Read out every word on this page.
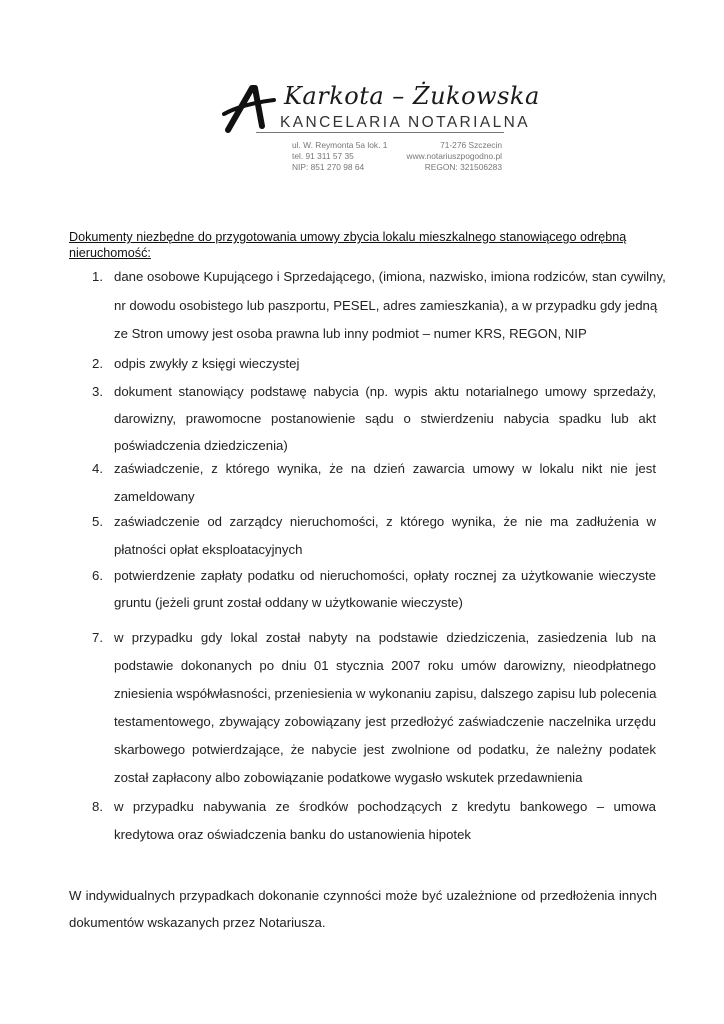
Karkota – Żukowska
KANCELARIA NOTARIALNA
ul. W. Reymonta 5a lok. 1	71-276 Szczecin
tel. 91 311 57 35	www.notariuszpogodno.pl
NIP: 851 270 98 64	REGON: 321506283
Dokumenty niezbędne do przygotowania umowy zbycia lokalu mieszkalnego stanowiącego odrębną
nieruchomość:
1. dane osobowe Kupującego i Sprzedającego, (imiona, nazwisko, imiona rodziców, stan cywilny,
nr dowodu osobistego lub paszportu, PESEL, adres zamieszkania), a w przypadku gdy jedną
ze Stron umowy jest osoba prawna lub inny podmiot – numer KRS, REGON, NIP
2. odpis zwykły z księgi wieczystej
3. dokument stanowiący podstawę nabycia (np. wypis aktu notarialnego umowy sprzedaży,
darowizny, prawomocne postanowienie sądu o stwierdzeniu nabycia spadku lub akt
poświadczenia dziedziczenia)
4. zaświadczenie, z którego wynika, że na dzień zawarcia umowy w lokalu nikt nie jest
zameldowany
5. zaświadczenie od zarządcy nieruchomości, z którego wynika, że nie ma zadłużenia w
płatności opłat eksploatacyjnych
6. potwierdzenie zapłaty podatku od nieruchomości, opłaty rocznej za użytkowanie wieczyste
gruntu (jeżeli grunt został oddany w użytkowanie wieczyste)
7. w przypadku gdy lokal został nabyty na podstawie dziedziczenia, zasiedzenia lub na
podstawie dokonanych po dniu 01 stycznia 2007 roku umów darowizny, nieodpłatnego
zniesienia współwłasności, przeniesienia w wykonaniu zapisu, dalszego zapisu lub polecenia
testamentowego, zbywający zobowiązany jest przedłożyć zaświadczenie naczelnika urzędu
skarbowego potwierdzające, że nabycie jest zwolnione od podatku, że należny podatek
został zapłacony albo zobowiązanie podatkowe wygasło wskutek przedawnienia
8. w przypadku nabywania ze środków pochodzących z kredytu bankowego – umowa
kredytowa oraz oświadczenia banku do ustanowienia hipotek
W indywidualnych przypadkach dokonanie czynności może być uzależnione od przedłożenia innych
dokumentów wskazanych przez Notariusza.
